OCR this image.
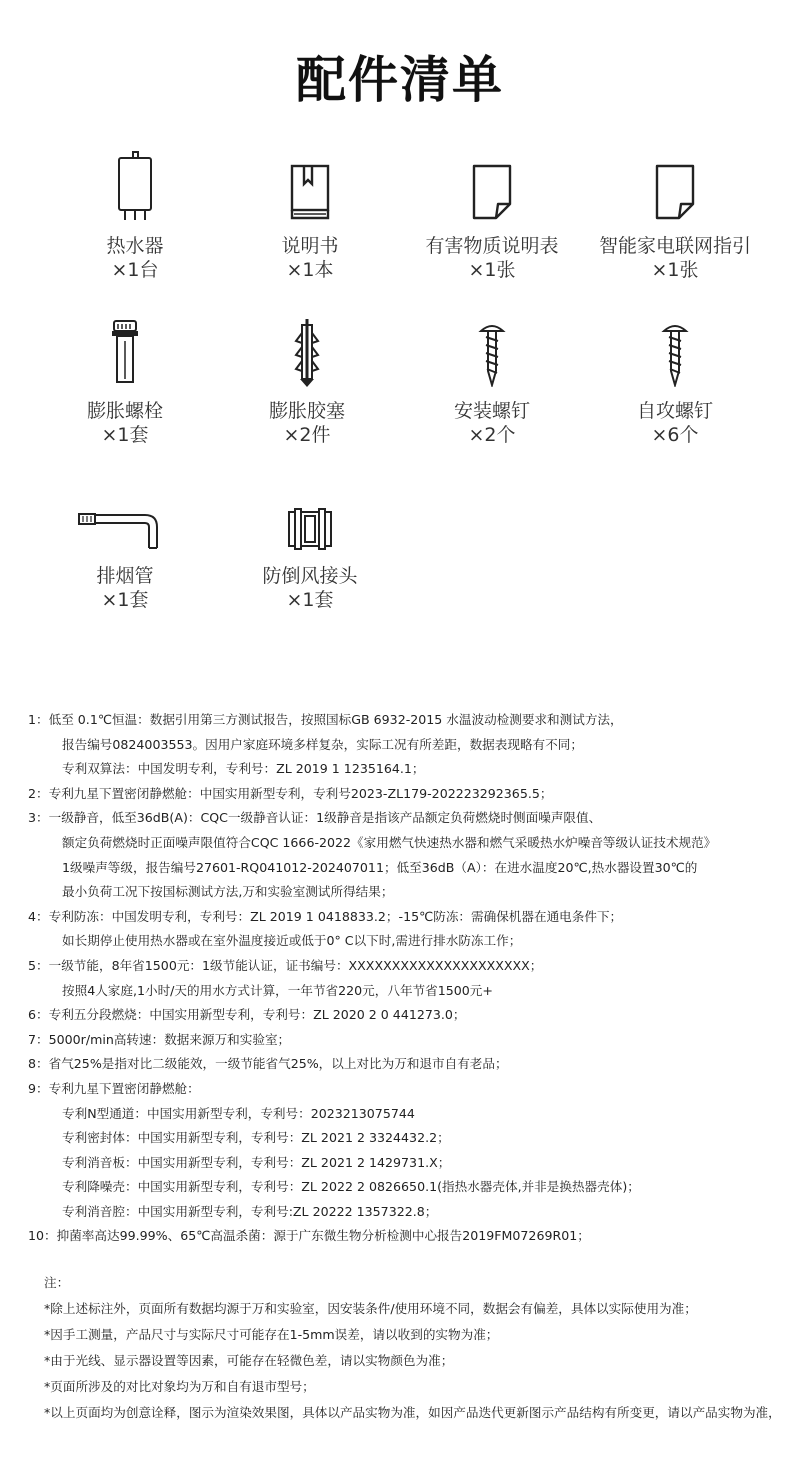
配件清单
热水器
×1台
说明书
×1本
有害物质说明表
×1张
智能家电联网指引
×1张
膨胀螺栓
×1套
膨胀胶塞
×2件
安装螺钉
×2个
自攻螺钉
×6个
排烟管
×1套
防倒风接头
×1套
1：低至 0.1℃恒温：数据引用第三方测试报告，按照国标GB 6932-2015 水温波动检测要求和测试方法，
报告编号0824003553。因用户家庭环境多样复杂，实际工况有所差距，数据表现略有不同；
专利双算法：中国发明专利，专利号：ZL 2019 1 1235164.1；
2：专利九星下置密闭静燃舱：中国实用新型专利，专利号2023-ZL179-202223292365.5；
3：一级静音，低至36dB(A)：CQC一级静音认证：1级静音是指该产品额定负荷燃烧时侧面噪声限值、
额定负荷燃烧时正面噪声限值符合CQC 1666-2022《家用燃气快速热水器和燃气采暖热水炉噪音等级认证技术规范》
1级噪声等级，报告编号27601-RQ041012-202407011；低至36dB（A）：在进水温度20℃,热水器设置30℃的
最小负荷工况下按国标测试方法,万和实验室测试所得结果；
4：专利防冻：中国发明专利，专利号：ZL 2019 1 0418833.2；-15℃防冻：需确保机器在通电条件下；
如长期停止使用热水器或在室外温度接近或低于0° C以下时,需进行排水防冻工作；
5：一级节能，8年省1500元：1级节能认证，证书编号：XXXXXXXXXXXXXXXXXXXXX；
按照4人家庭,1小时/天的用水方式计算，一年节省220元，八年节省1500元+
6：专利五分段燃烧：中国实用新型专利，专利号：ZL 2020 2 0 441273.0；
7：5000r/min高转速：数据来源万和实验室；
8：省气25%是指对比二级能效，一级节能省气25%，以上对比为万和退市自有老品；
9：专利九星下置密闭静燃舱：
专利N型通道：中国实用新型专利，专利号：2023213075744
专利密封体：中国实用新型专利，专利号：ZL 2021 2 3324432.2；
专利消音板：中国实用新型专利，专利号：ZL 2021 2 1429731.X；
专利降噪壳：中国实用新型专利，专利号：ZL 2022 2 0826650.1(指热水器壳体,并非是换热器壳体)；
专利消音腔：中国实用新型专利，专利号:ZL 20222 1357322.8；
10：抑菌率高达99.99%、65℃高温杀菌：源于广东微生物分析检测中心报告2019FM07269R01；
注：
*除上述标注外，页面所有数据均源于万和实验室，因安装条件/使用环境不同，数据会有偏差，具体以实际使用为准；
*因手工测量，产品尺寸与实际尺寸可能存在1-5mm误差，请以收到的实物为准；
*由于光线、显示器设置等因素，可能存在轻微色差，请以实物颜色为准；
*页面所涉及的对比对象均为万和自有退市型号；
*以上页面均为创意诠释，图示为渲染效果图，具体以产品实物为准，如因产品迭代更新图示产品结构有所变更，请以产品实物为准，
